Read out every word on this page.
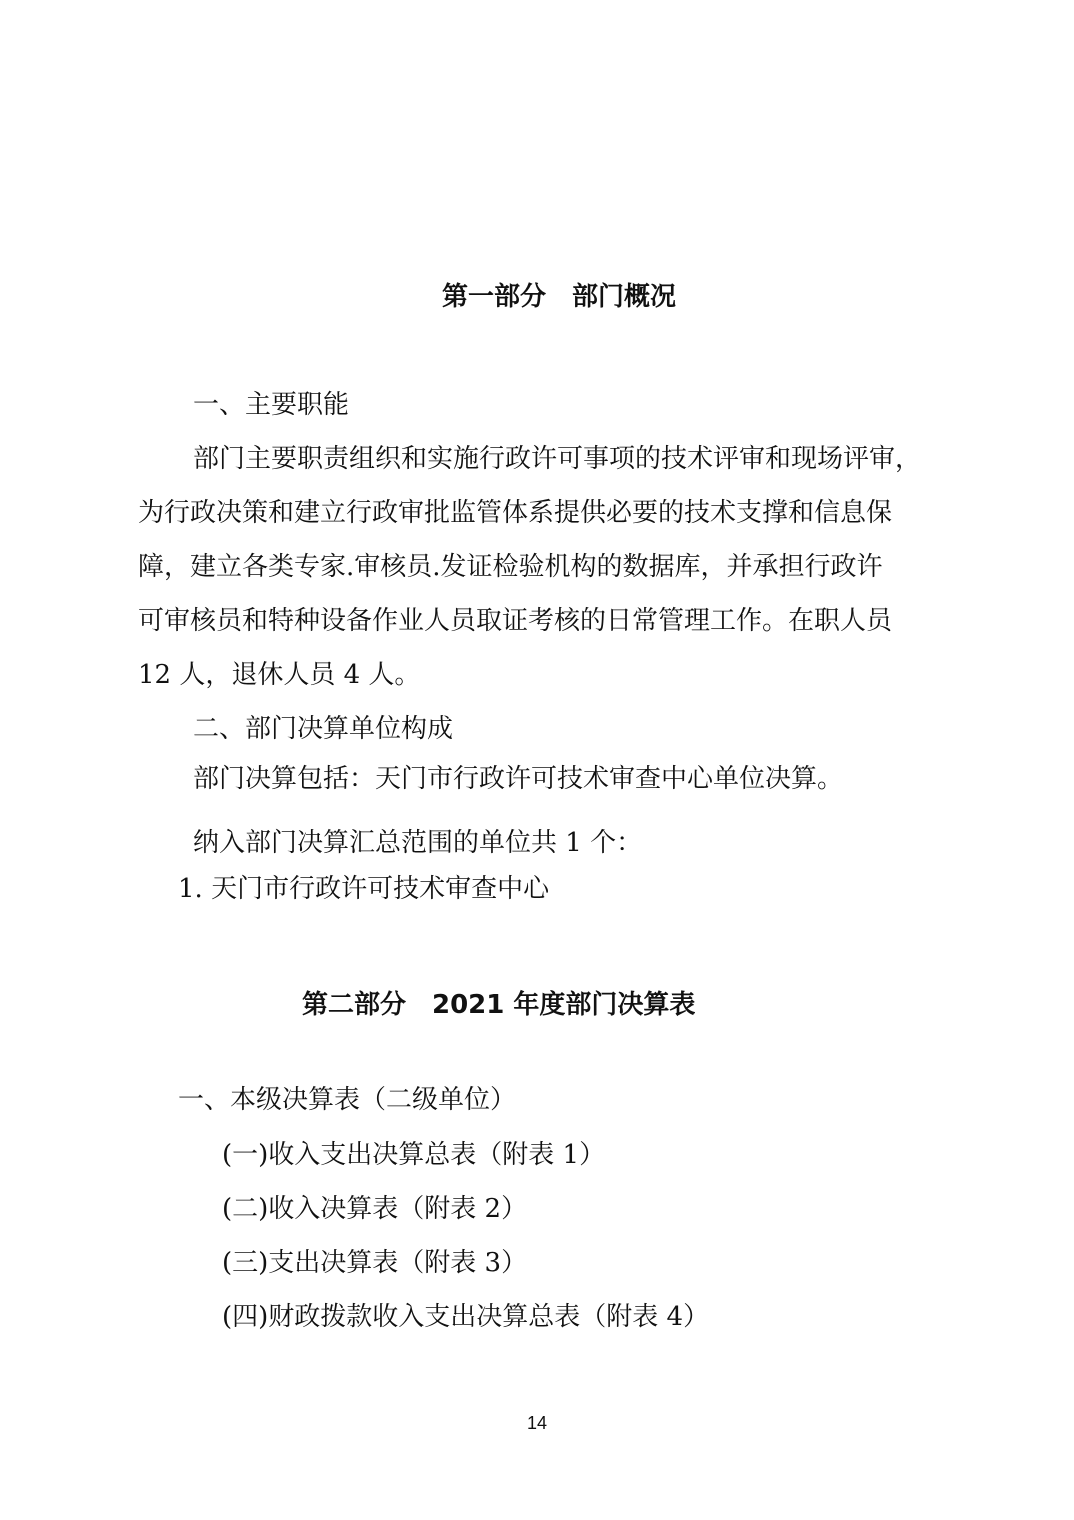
第一部分　部门概况
一、主要职能
部门主要职责组织和实施行政许可事项的技术评审和现场评审，
为行政决策和建立行政审批监管体系提供必要的技术支撑和信息保
障，建立各类专家.审核员.发证检验机构的数据库，并承担行政许
可审核员和特种设备作业人员取证考核的日常管理工作。在职人员
12 人，退休人员 4 人。
二、部门决算单位构成
部门决算包括：天门市行政许可技术审查中心单位决算。
纳入部门决算汇总范围的单位共 1 个：
1. 天门市行政许可技术审查中心
第二部分　2021 年度部门决算表
一、本级决算表（二级单位）
(一)收入支出决算总表（附表 1）
(二)收入决算表（附表 2）
(三)支出决算表（附表 3）
(四)财政拨款收入支出决算总表（附表 4）
14
